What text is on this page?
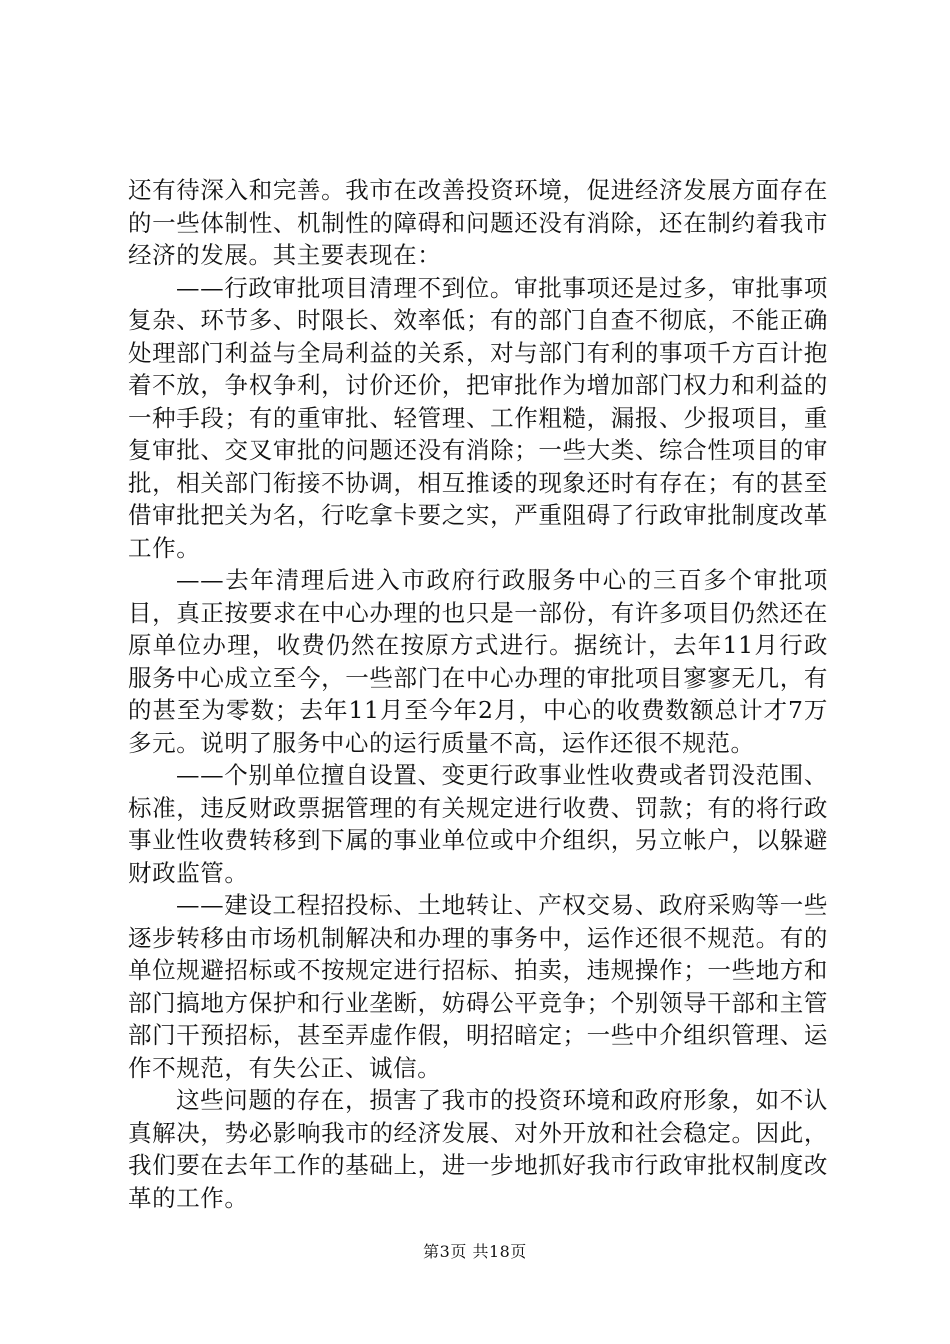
还有待深入和完善。我市在改善投资环境，促进经济发展方面存在的一些体制性、机制性的障碍和问题还没有消除，还在制约着我市经济的发展。其主要表现在：

——行政审批项目清理不到位。审批事项还是过多，审批事项复杂、环节多、时限长、效率低；有的部门自查不彻底，不能正确处理部门利益与全局利益的关系，对与部门有利的事项千方百计抱着不放，争权争利，讨价还价，把审批作为增加部门权力和利益的一种手段；有的重审批、轻管理、工作粗糙，漏报、少报项目，重复审批、交叉审批的问题还没有消除；一些大类、综合性项目的审批，相关部门衔接不协调，相互推诿的现象还时有存在；有的甚至借审批把关为名，行吃拿卡要之实，严重阻碍了行政审批制度改革工作。

——去年清理后进入市政府行政服务中心的三百多个审批项目，真正按要求在中心办理的也只是一部份，有许多项目仍然还在原单位办理，收费仍然在按原方式进行。据统计，去年11月行政服务中心成立至今，一些部门在中心办理的审批项目寥寥无几，有的甚至为零数；去年11月至今年2月，中心的收费数额总计才7万多元。说明了服务中心的运行质量不高，运作还很不规范。

——个别单位擅自设置、变更行政事业性收费或者罚没范围、标准，违反财政票据管理的有关规定进行收费、罚款；有的将行政事业性收费转移到下属的事业单位或中介组织，另立帐户，以躲避财政监管。

——建设工程招投标、土地转让、产权交易、政府采购等一些逐步转移由市场机制解决和办理的事务中，运作还很不规范。有的单位规避招标或不按规定进行招标、拍卖，违规操作；一些地方和部门搞地方保护和行业垄断，妨碍公平竞争；个别领导干部和主管部门干预招标，甚至弄虚作假，明招暗定；一些中介组织管理、运作不规范，有失公正、诚信。

这些问题的存在，损害了我市的投资环境和政府形象，如不认真解决，势必影响我市的经济发展、对外开放和社会稳定。因此，我们要在去年工作的基础上，进一步地抓好我市行政审批权制度改革的工作。

第3页 共18页
